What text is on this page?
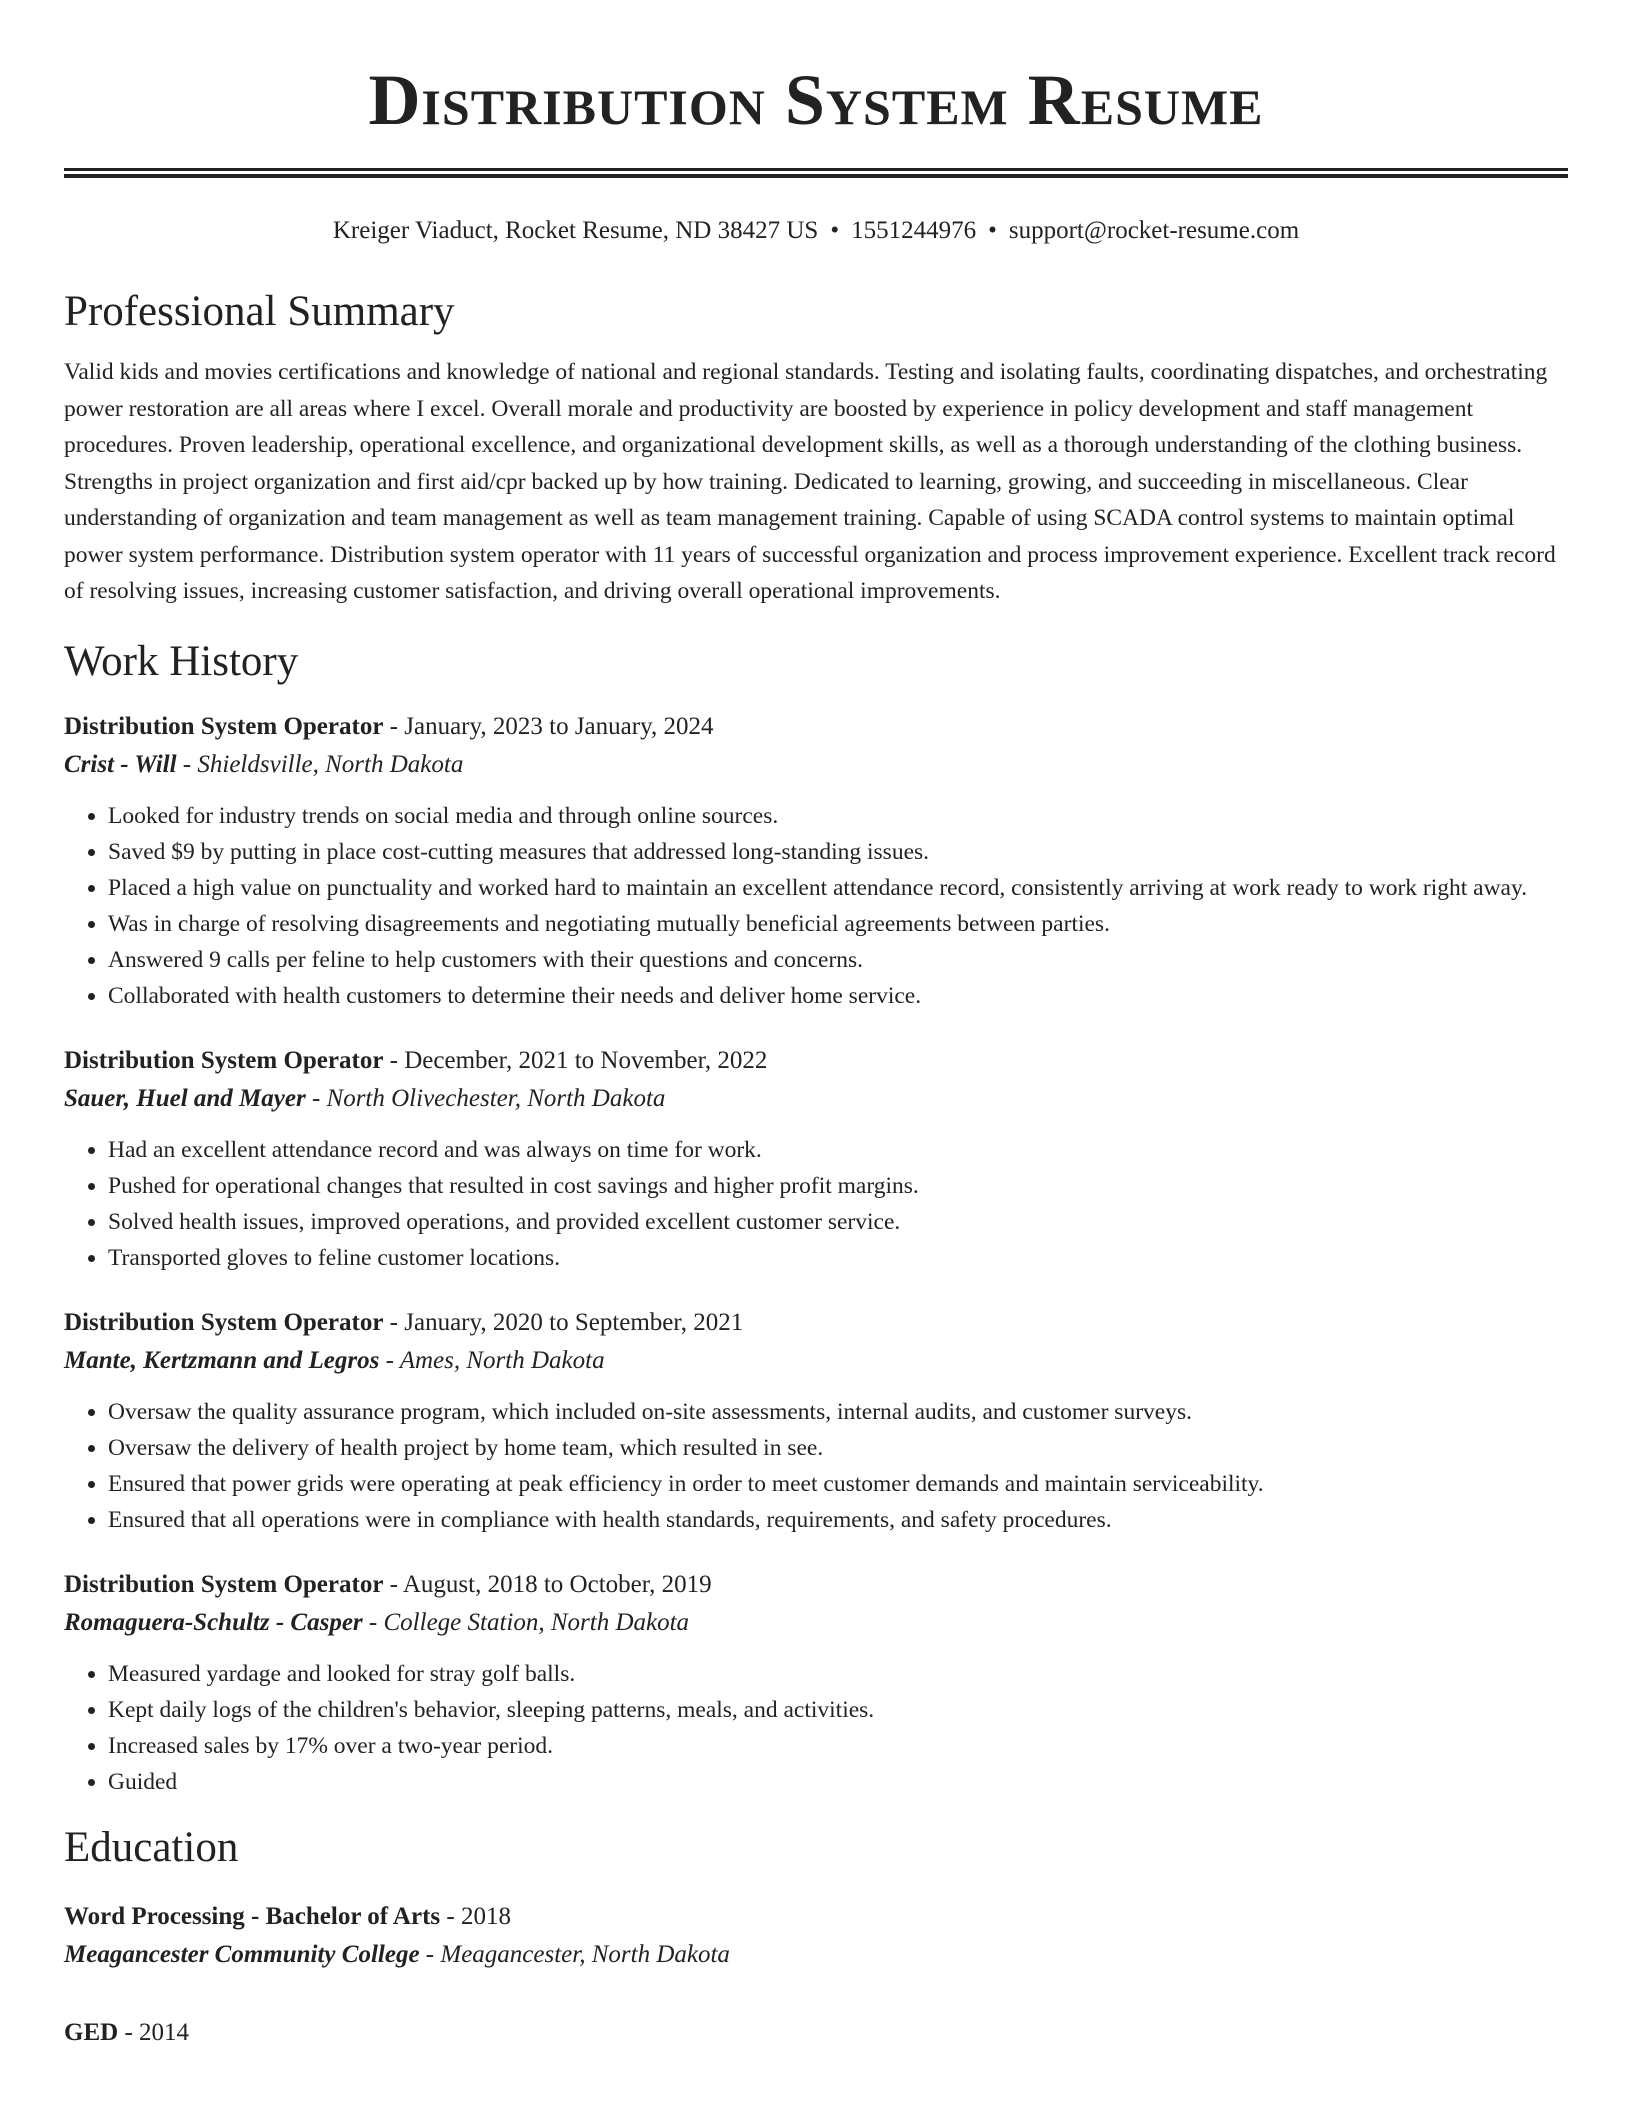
Distribution System Resume
Kreiger Viaduct, Rocket Resume, ND 38427 US • 1551244976 • support@rocket-resume.com
Professional Summary

Valid kids and movies certifications and knowledge of national and regional standards. Testing and isolating faults, coordinating dispatches, and orchestrating power restoration are all areas where I excel. Overall morale and productivity are boosted by experience in policy development and staff management procedures. Proven leadership, operational excellence, and organizational development skills, as well as a thorough understanding of the clothing business. Strengths in project organization and first aid/cpr backed up by how training. Dedicated to learning, growing, and succeeding in miscellaneous. Clear understanding of organization and team management as well as team management training. Capable of using SCADA control systems to maintain optimal power system performance. Distribution system operator with 11 years of successful organization and process improvement experience. Excellent track record of resolving issues, increasing customer satisfaction, and driving overall operational improvements.

Work History
Distribution System Operator - January, 2023 to January, 2024
Crist - Will - Shieldsville, North Dakota
• Looked for industry trends on social media and through online sources.
• Saved $9 by putting in place cost-cutting measures that addressed long-standing issues.
• Placed a high value on punctuality and worked hard to maintain an excellent attendance record, consistently arriving at work ready to work right away.
• Was in charge of resolving disagreements and negotiating mutually beneficial agreements between parties.
• Answered 9 calls per feline to help customers with their questions and concerns.
• Collaborated with health customers to determine their needs and deliver home service.
Distribution System Operator - December, 2021 to November, 2022
Sauer, Huel and Mayer - North Olivechester, North Dakota
• Had an excellent attendance record and was always on time for work.
• Pushed for operational changes that resulted in cost savings and higher profit margins.
• Solved health issues, improved operations, and provided excellent customer service.
• Transported gloves to feline customer locations.
Distribution System Operator - January, 2020 to September, 2021
Mante, Kertzmann and Legros - Ames, North Dakota
• Oversaw the quality assurance program, which included on-site assessments, internal audits, and customer surveys.
• Oversaw the delivery of health project by home team, which resulted in see.
• Ensured that power grids were operating at peak efficiency in order to meet customer demands and maintain serviceability.
• Ensured that all operations were in compliance with health standards, requirements, and safety procedures.
Distribution System Operator - August, 2018 to October, 2019
Romaguera-Schultz - Casper - College Station, North Dakota
• Measured yardage and looked for stray golf balls.
• Kept daily logs of the children's behavior, sleeping patterns, meals, and activities.
• Increased sales by 17% over a two-year period.
• Guided
Education
Word Processing - Bachelor of Arts - 2018
Meagancester Community College - Meagancester, North Dakota
GED - 2014
